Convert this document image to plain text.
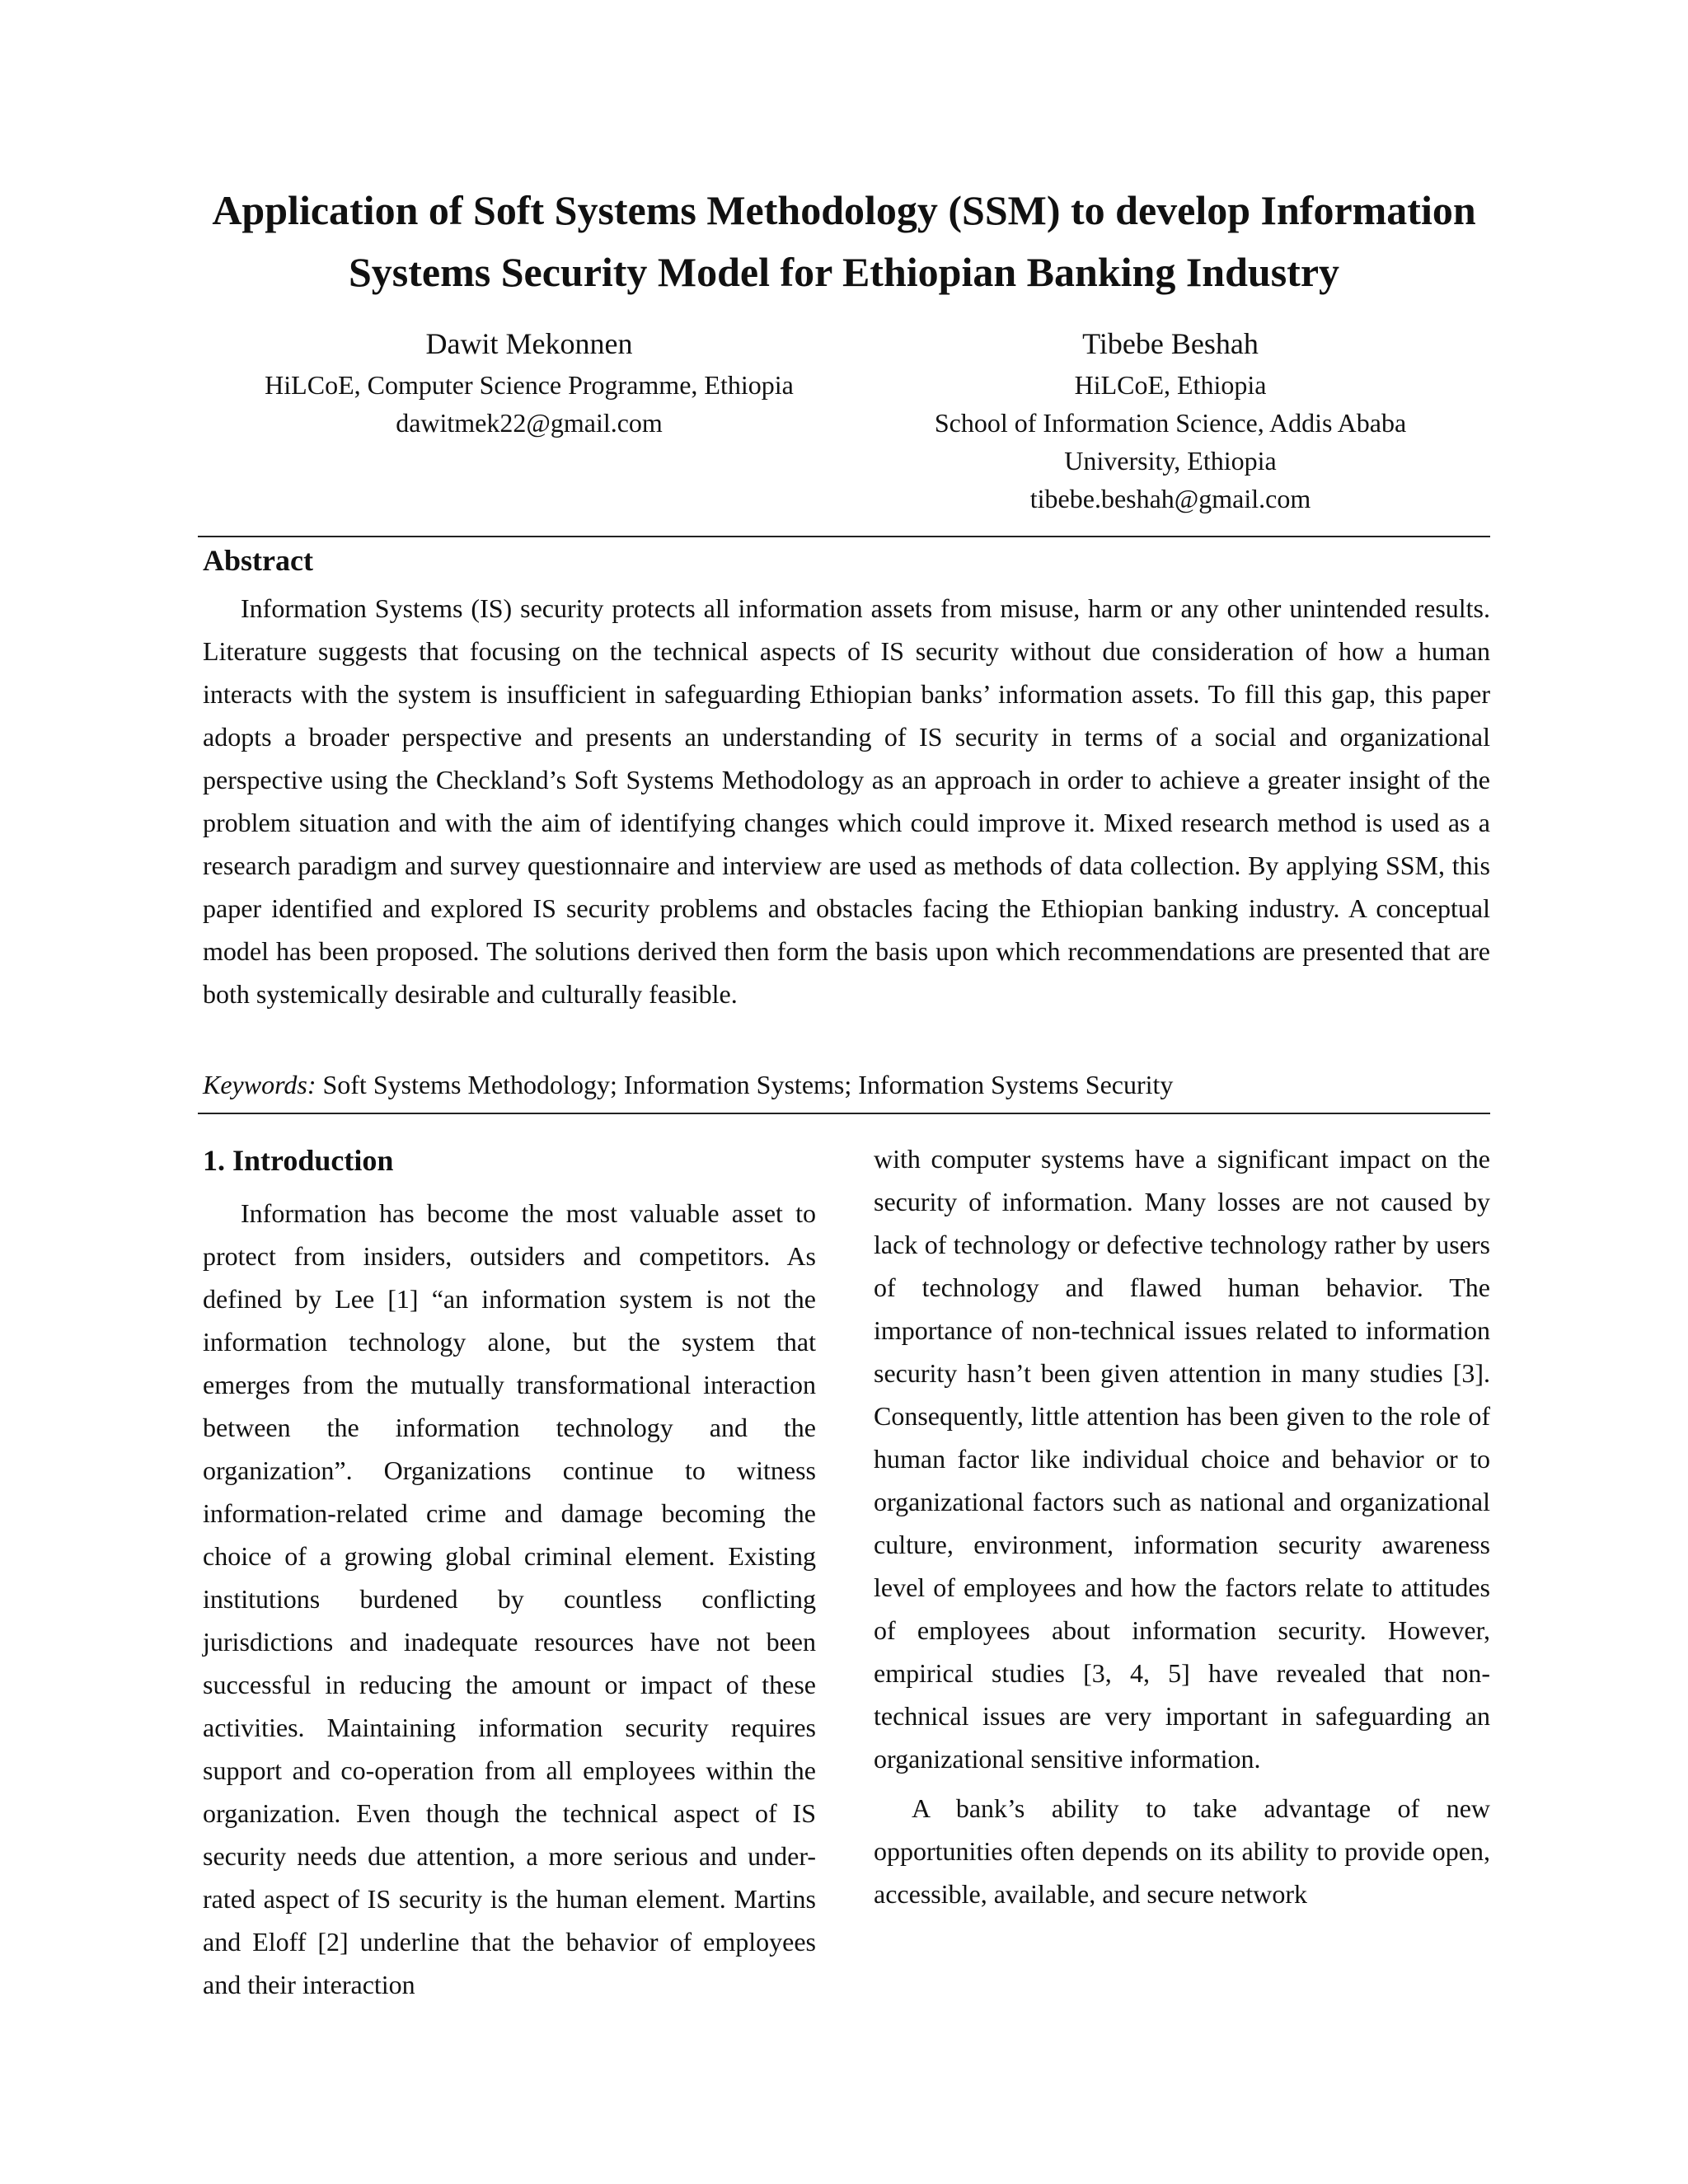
Application of Soft Systems Methodology (SSM) to develop Information
Systems Security Model for Ethiopian Banking Industry
Dawit Mekonnen
HiLCoE, Computer Science Programme, Ethiopia
dawitmek22@gmail.com
Tibebe Beshah
HiLCoE, Ethiopia
School of Information Science, Addis Ababa
University, Ethiopia
tibebe.beshah@gmail.com
Abstract

Information Systems (IS) security protects all information assets from misuse, harm or any other unintended results. Literature suggests that focusing on the technical aspects of IS security without due consideration of how a human interacts with the system is insufficient in safeguarding Ethiopian banks’ information assets. To fill this gap, this paper adopts a broader perspective and presents an understanding of IS security in terms of a social and organizational perspective using the Checkland’s Soft Systems Methodology as an approach in order to achieve a greater insight of the problem situation and with the aim of identifying changes which could improve it. Mixed research method is used as a research paradigm and survey questionnaire and interview are used as methods of data collection. By applying SSM, this paper identified and explored IS security problems and obstacles facing the Ethiopian banking industry. A conceptual model has been proposed. The solutions derived then form the basis upon which recommendations are presented that are both systemically desirable and culturally feasible.

Keywords: Soft Systems Methodology; Information Systems; Information Systems Security

1. Introduction

Information has become the most valuable asset to protect from insiders, outsiders and competitors. As defined by Lee [1] “an information system is not the information technology alone, but the system that emerges from the mutually transformational interaction between the information technology and the organization”. Organizations continue to witness information-related crime and damage becoming the choice of a growing global criminal element. Existing institutions burdened by countless conflicting jurisdictions and inadequate resources have not been successful in reducing the amount or impact of these activities. Maintaining information security requires support and co-operation from all employees within the organization. Even though the technical aspect of IS security needs due attention, a more serious and under-rated aspect of IS security is the human element. Martins and Eloff [2] underline that the behavior of employees and their interaction

with computer systems have a significant impact on the security of information. Many losses are not caused by lack of technology or defective technology rather by users of technology and flawed human behavior. The importance of non-technical issues related to information security hasn’t been given attention in many studies [3]. Consequently, little attention has been given to the role of human factor like individual choice and behavior or to organizational factors such as national and organizational culture, environment, information security awareness level of employees and how the factors relate to attitudes of employees about information security. However, empirical studies [3, 4, 5] have revealed that non-technical issues are very important in safeguarding an organizational sensitive information.

A bank’s ability to take advantage of new opportunities often depends on its ability to provide open, accessible, available, and secure network
